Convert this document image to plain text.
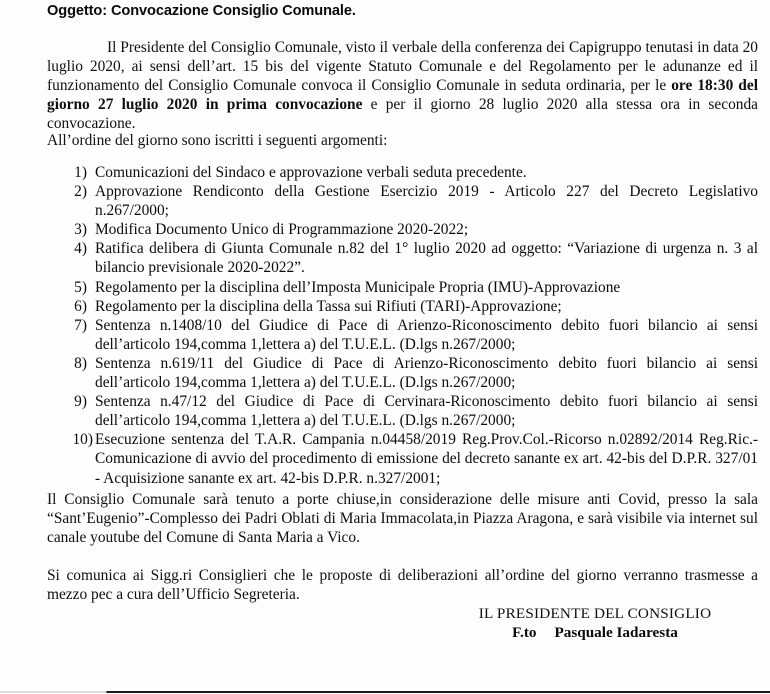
Oggetto: Convocazione Consiglio Comunale.

Il Presidente del Consiglio Comunale, visto il verbale della conferenza dei Capigruppo tenutasi in data 20 luglio 2020, ai sensi dell’art. 15 bis del vigente Statuto Comunale e del Regolamento per le adunanze ed il funzionamento del Consiglio Comunale convoca il Consiglio Comunale in seduta ordinaria, per le ore 18:30 del giorno 27 luglio 2020 in prima convocazione e per il giorno 28 luglio 2020 alla stessa ora in seconda convocazione.

All’ordine del giorno sono iscritti i seguenti argomenti:

1) Comunicazioni del Sindaco e approvazione verbali seduta precedente.
2) Approvazione Rendiconto della Gestione Esercizio 2019 - Articolo 227 del Decreto Legislativo n.267/2000;
3) Modifica Documento Unico di Programmazione 2020-2022;
4) Ratifica delibera di Giunta Comunale n.82 del 1° luglio 2020 ad oggetto: “Variazione di urgenza n. 3 al bilancio previsionale 2020-2022”.
5) Regolamento per la disciplina dell’Imposta Municipale Propria (IMU)-Approvazione
6) Regolamento per la disciplina della Tassa sui Rifiuti (TARI)-Approvazione;
7) Sentenza n.1408/10 del Giudice di Pace di Arienzo-Riconoscimento debito fuori bilancio ai sensi dell’articolo 194,comma 1,lettera a) del T.U.E.L. (D.lgs n.267/2000;
8) Sentenza n.619/11 del Giudice di Pace di Arienzo-Riconoscimento debito fuori bilancio ai sensi dell’articolo 194,comma 1,lettera a) del T.U.E.L. (D.lgs n.267/2000;
9) Sentenza n.47/12 del Giudice di Pace di Cervinara-Riconoscimento debito fuori bilancio ai sensi dell’articolo 194,comma 1,lettera a) del T.U.E.L. (D.lgs n.267/2000;
10) Esecuzione sentenza del T.A.R. Campania n.04458/2019 Reg.Prov.Col.-Ricorso n.02892/2014 Reg.Ric.- Comunicazione di avvio del procedimento di emissione del decreto sanante ex art. 42-bis del D.P.R. 327/01 - Acquisizione sanante ex art. 42-bis D.P.R. n.327/2001;

Il Consiglio Comunale sarà tenuto a porte chiuse,in considerazione delle misure anti Covid, presso la sala “Sant’Eugenio”-Complesso dei Padri Oblati di Maria Immacolata,in Piazza Aragona, e sarà visibile via internet sul canale youtube del Comune di Santa Maria a Vico.

Si comunica ai Sigg.ri Consiglieri che le proposte di deliberazioni all’ordine del giorno verranno trasmesse a mezzo pec a cura dell’Ufficio Segreteria.

IL PRESIDENTE DEL CONSIGLIO
F.to Pasquale Iadaresta
